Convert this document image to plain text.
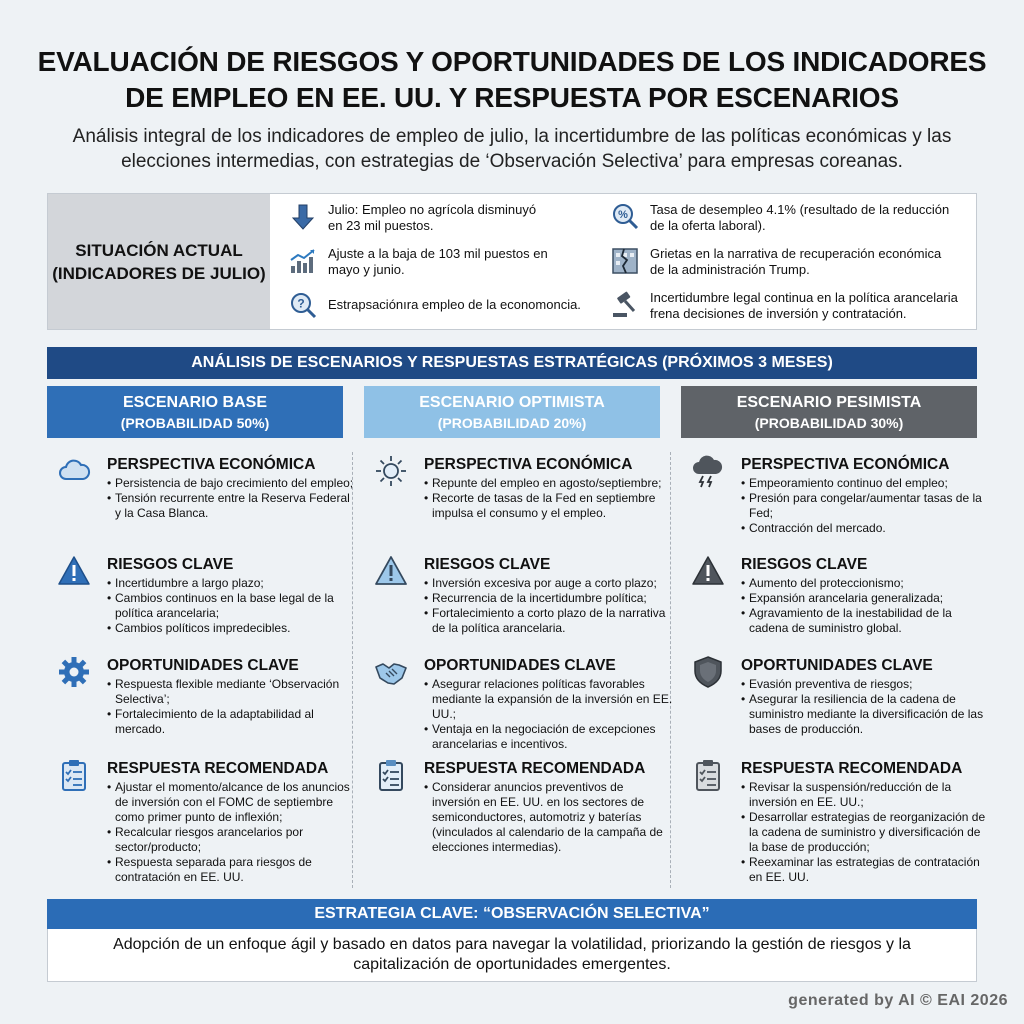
EVALUACIÓN DE RIESGOS Y OPORTUNIDADES DE LOS INDICADORES
DE EMPLEO EN EE. UU. Y RESPUESTA POR ESCENARIOS
Análisis integral de los indicadores de empleo de julio, la incertidumbre de las políticas económicas y las
elecciones intermedias, con estrategias de ‘Observación Selectiva’ para empresas coreanas.
SITUACIÓN ACTUAL
(INDICADORES DE JULIO)
Julio: Empleo no agrícola disminuyó
en 23 mil puestos.
Ajuste a la baja de 103 mil puestos en
mayo y junio.
? Estrapsaciónıra empleo de la economoncia.
% Tasa de desempleo 4.1% (resultado de la reducción
de la oferta laboral).
Grietas en la narrativa de recuperación económica
de la administración Trump.
Incertidumbre legal continua en la política arancelaria
frena decisiones de inversión y contratación.
ANÁLISIS DE ESCENARIOS Y RESPUESTAS ESTRATÉGICAS (PRÓXIMOS 3 MESES)
ESCENARIO BASE
(PROBABILIDAD 50%)
ESCENARIO OPTIMISTA
(PROBABILIDAD 20%)
ESCENARIO PESIMISTA
(PROBABILIDAD 30%)
PERSPECTIVA ECONÓMICA
• Persistencia de bajo crecimiento del empleo;
• Tensión recurrente entre la Reserva Federal y la Casa Blanca.
RIESGOS CLAVE
• Incertidumbre a largo plazo;
• Cambios continuos en la base legal de la política arancelaria;
• Cambios políticos impredecibles.
OPORTUNIDADES CLAVE
• Respuesta flexible mediante ‘Observación Selectiva’;
• Fortalecimiento de la adaptabilidad al mercado.
RESPUESTA RECOMENDADA
• Ajustar el momento/alcance de los anuncios de inversión con el FOMC de septiembre como primer punto de inflexión;
• Recalcular riesgos arancelarios por sector/producto;
• Respuesta separada para riesgos de contratación en EE. UU.
PERSPECTIVA ECONÓMICA
• Repunte del empleo en agosto/septiembre;
• Recorte de tasas de la Fed en septiembre impulsa el consumo y el empleo.
RIESGOS CLAVE
• Inversión excesiva por auge a corto plazo;
• Recurrencia de la incertidumbre política;
• Fortalecimiento a corto plazo de la narrativa de la política arancelaria.
OPORTUNIDADES CLAVE
• Asegurar relaciones políticas favorables mediante la expansión de la inversión en EE. UU.;
• Ventaja en la negociación de excepciones arancelarias e incentivos.
RESPUESTA RECOMENDADA
• Considerar anuncios preventivos de inversión en EE. UU. en los sectores de semiconductores, automotriz y baterías (vinculados al calendario de la campaña de elecciones intermedias).
PERSPECTIVA ECONÓMICA
• Empeoramiento continuo del empleo;
• Presión para congelar/aumentar tasas de la Fed;
• Contracción del mercado.
RIESGOS CLAVE
• Aumento del proteccionismo;
• Expansión arancelaria generalizada;
• Agravamiento de la inestabilidad de la cadena de suministro global.
OPORTUNIDADES CLAVE
• Evasión preventiva de riesgos;
• Asegurar la resiliencia de la cadena de suministro mediante la diversificación de las bases de producción.
RESPUESTA RECOMENDADA
• Revisar la suspensión/reducción de la inversión en EE. UU.;
• Desarrollar estrategias de reorganización de la cadena de suministro y diversificación de la base de producción;
• Reexaminar las estrategias de contratación en EE. UU.
ESTRATEGIA CLAVE: “OBSERVACIÓN SELECTIVA”
Adopción de un enfoque ágil y basado en datos para navegar la volatilidad, priorizando la gestión de riesgos y la
capitalización de oportunidades emergentes.
generated by AI © EAI 2026
